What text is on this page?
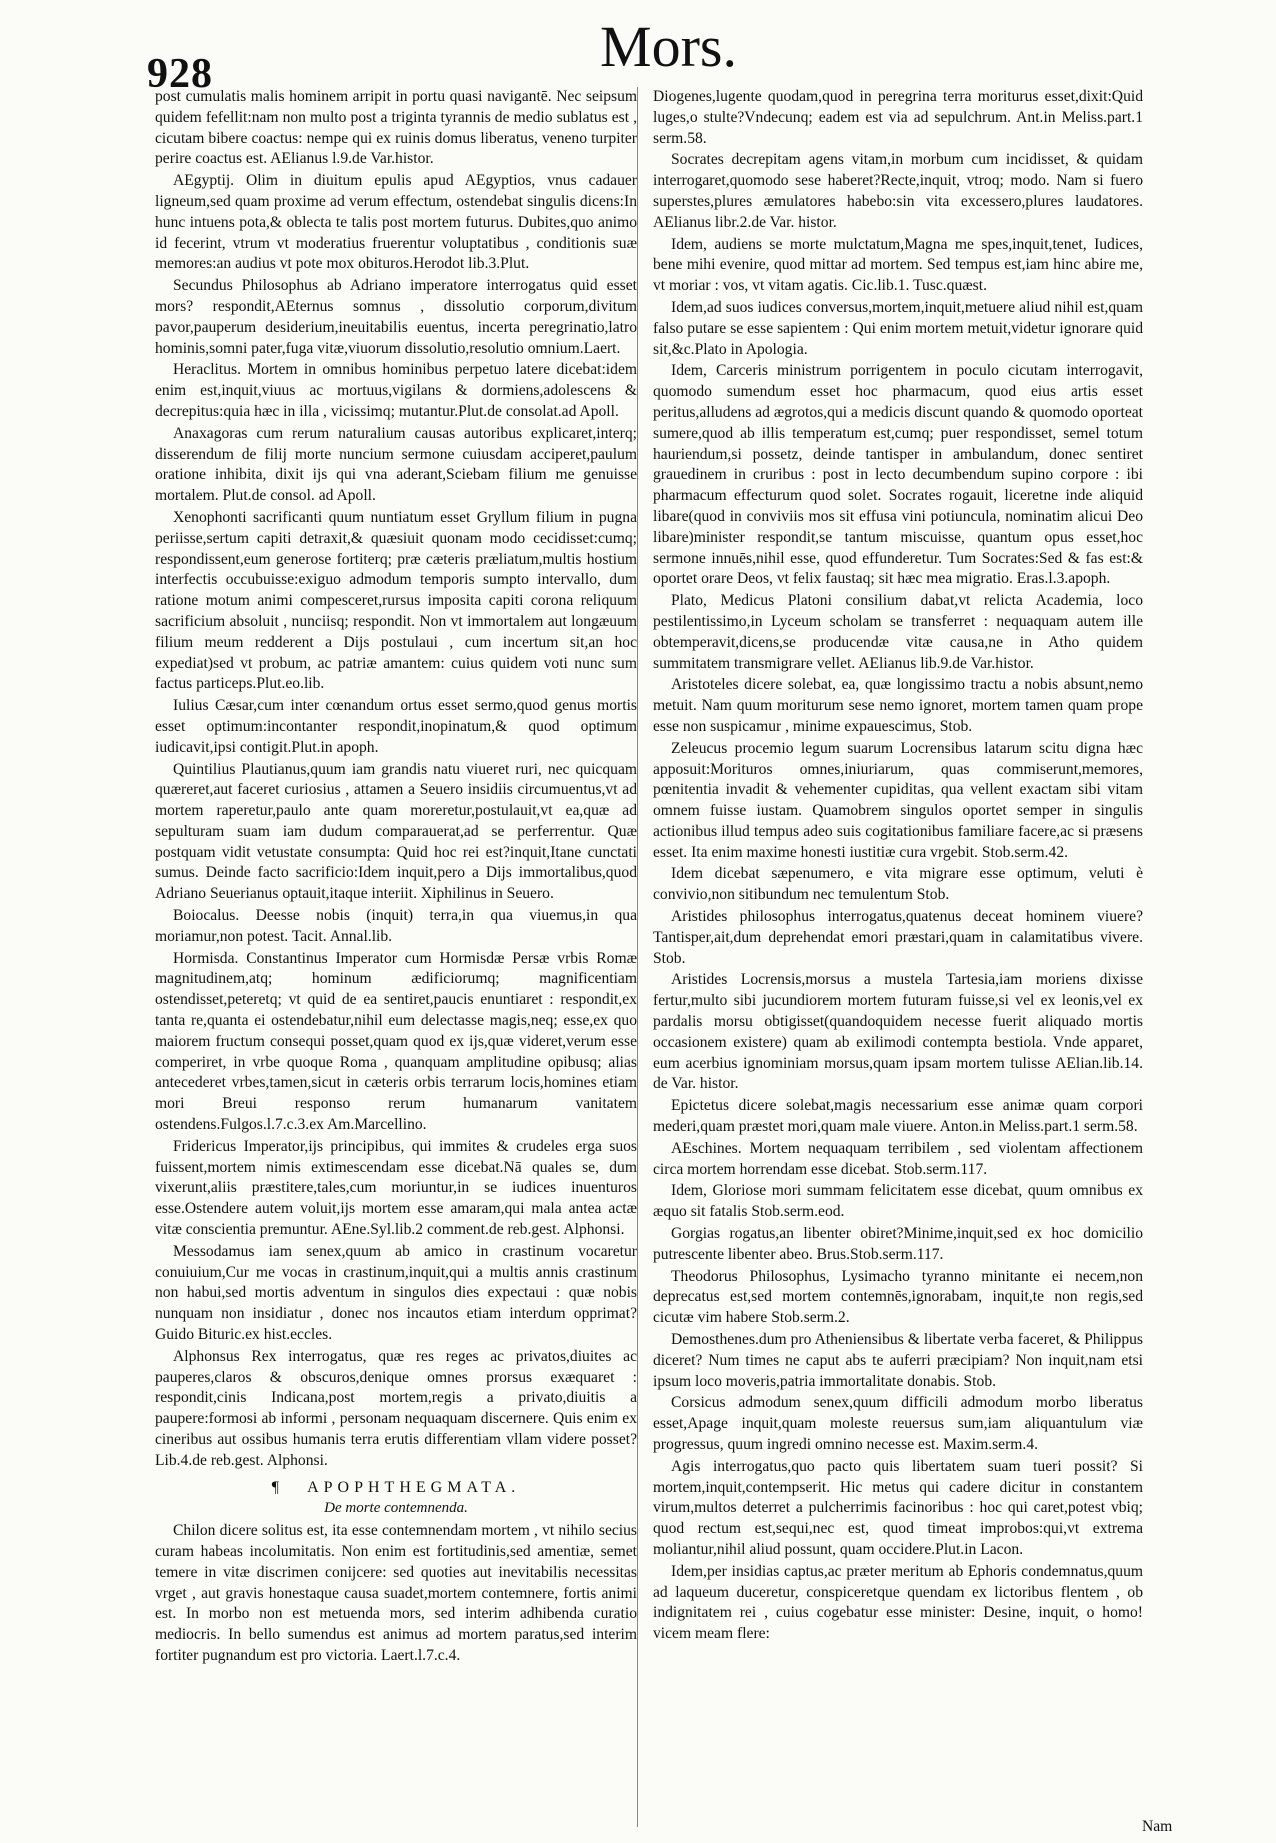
928	Mors.

post cumulatis malis hominem arripit in portu quasi navigantē. Nec seipsum quidem fefellit:nam non multo post a triginta tyrannis de medio sublatus est , cicutam bibere coactus: nempe qui ex ruinis domus liberatus, veneno turpiter perire coactus est. AElianus l.9.de Var.histor.

AEgyptij. Olim in diuitum epulis apud AEgyptios, vnus cadauer ligneum,sed quam proxime ad verum effectum, ostendebat singulis dicens:In hunc intuens pota,& oblecta te talis post mortem futurus. Dubites,quo animo id fecerint, vtrum vt moderatius fruerentur voluptatibus , conditionis suæ memores:an audius vt pote mox obituros.Herodot lib.3.Plut.

Secundus Philosophus ab Adriano imperatore interrogatus quid esset mors? respondit,AEternus somnus , dissolutio corporum,divitum pavor,pauperum desiderium,ineuitabilis euentus, incerta peregrinatio,latro hominis,somni pater,fuga vitæ,viuorum dissolutio,resolutio omnium.Laert.

Heraclitus. Mortem in omnibus hominibus perpetuo latere dicebat:idem enim est,inquit,viuus ac mortuus,vigilans & dormiens,adolescens & decrepitus:quia hæc in illa , vicissimq; mutantur.Plut.de consolat.ad Apoll.

Anaxagoras cum rerum naturalium causas autoribus explicaret,interq; disserendum de filij morte nuncium sermone cuiusdam acciperet,paulum oratione inhibita, dixit ijs qui vna aderant,Sciebam filium me genuisse mortalem. Plut.de consol. ad Apoll.

Xenophonti sacrificanti quum nuntiatum esset Gryllum filium in pugna periisse,sertum capiti detraxit,& quæsiuit quonam modo cecidisset:cumq; respondissent,eum generose fortiterq; præ cæteris præliatum,multis hostium interfectis occubuisse:exiguo admodum temporis sumpto intervallo, dum ratione motum animi compesceret,rursus imposita capiti corona reliquum sacrificium absoluit , nunciisq; respondit. Non vt immortalem aut longæuum filium meum redderent a Dijs postulaui , cum incertum sit,an hoc expediat)sed vt probum, ac patriæ amantem: cuius quidem voti nunc sum factus particeps.Plut.eo.lib.

Iulius Cæsar,cum inter cœnandum ortus esset sermo,quod genus mortis esset optimum:incontanter respondit,inopinatum,& quod optimum iudicavit,ipsi contigit.Plut.in apoph.

Quintilius Plautianus,quum iam grandis natu viueret ruri, nec quicquam quæreret,aut faceret curiosius , attamen a Seuero insidiis circumuentus,vt ad mortem raperetur,paulo ante quam moreretur,postulauit,vt ea,quæ ad sepulturam suam iam dudum comparauerat,ad se perferrentur. Quæ postquam vidit vetustate consumpta: Quid hoc rei est?inquit,Itane cunctati sumus. Deinde facto sacrificio:Idem inquit,pero a Dijs immortalibus,quod Adriano Seuerianus optauit,itaque interiit. Xiphilinus in Seuero.

Boiocalus. Deesse nobis (inquit) terra,in qua viuemus,in qua moriamur,non potest. Tacit. Annal.lib.

Hormisda. Constantinus Imperator cum Hormisdæ Persæ vrbis Romæ magnitudinem,atq; hominum ædificiorumq; magnificentiam ostendisset,peteretq; vt quid de ea sentiret,paucis enuntiaret : respondit,ex tanta re,quanta ei ostendebatur,nihil eum delectasse magis,neq; esse,ex quo maiorem fructum consequi posset,quam quod ex ijs,quæ videret,verum esse comperiret, in vrbe quoque Roma , quanquam amplitudine opibusq; alias antecederet vrbes,tamen,sicut in cæteris orbis terrarum locis,homines etiam mori Breui responso rerum humanarum vanitatem ostendens.Fulgos.l.7.c.3.ex Am.Marcellino.

Fridericus Imperator,ijs principibus, qui immites & crudeles erga suos fuissent,mortem nimis extimescendam esse dicebat.Nā quales se, dum vixerunt,aliis præstitere,tales,cum moriuntur,in se iudices inuenturos esse.Ostendere autem voluit,ijs mortem esse amaram,qui mala antea actæ vitæ conscientia premuntur. AEne.Syl.lib.2 comment.de reb.gest. Alphonsi.

Messodamus iam senex,quum ab amico in crastinum vocaretur conuiuium,Cur me vocas in crastinum,inquit,qui a multis annis crastinum non habui,sed mortis adventum in singulos dies expectaui : quæ nobis nunquam non insidiatur , donec nos incautos etiam interdum opprimat? Guido Bituric.ex hist.eccles.

Alphonsus Rex interrogatus, quæ res reges ac privatos,diuites ac pauperes,claros & obscuros,denique omnes prorsus exæquaret : respondit,cinis Indicana,post mortem,regis a privato,diuitis a paupere:formosi ab informi , personam nequaquam discernere. Quis enim ex cineribus aut ossibus humanis terra erutis differentiam vllam videre posset? Lib.4.de reb.gest. Alphonsi.

¶ APOPHTHEGMATA.

De morte contemnenda.

Chilon dicere solitus est, ita esse contemnendam mortem , vt nihilo secius curam habeas incolumitatis. Non enim est fortitudinis,sed amentiæ, semet temere in vitæ discrimen conijcere: sed quoties aut inevitabilis necessitas vrget , aut gravis honestaque causa suadet,mortem contemnere, fortis animi est. In morbo non est metuenda mors, sed interim adhibenda curatio mediocris. In bello sumendus est animus ad mortem paratus,sed interim fortiter pugnandum est pro victoria. Laert.l.7.c.4.

Diogenes,lugente quodam,quod in peregrina terra moriturus esset,dixit:Quid luges,o stulte?Vndecunq; eadem est via ad sepulchrum. Ant.in Meliss.part.1 serm.58.

Socrates decrepitam agens vitam,in morbum cum incidisset, & quidam interrogaret,quomodo sese haberet?Recte,inquit, vtroq; modo. Nam si fuero superstes,plures æmulatores habebo:sin vita excessero,plures laudatores. AElianus libr.2.de Var. histor.

Idem, audiens se morte mulctatum,Magna me spes,inquit,tenet, Iudices, bene mihi evenire, quod mittar ad mortem. Sed tempus est,iam hinc abire me, vt moriar : vos, vt vitam agatis. Cic.lib.1. Tusc.quæst.

Idem,ad suos iudices conversus,mortem,inquit,metuere aliud nihil est,quam falso putare se esse sapientem : Qui enim mortem metuit,videtur ignorare quid sit,&c.Plato in Apologia.

Idem, Carceris ministrum porrigentem in poculo cicutam interrogavit, quomodo sumendum esset hoc pharmacum, quod eius artis esset peritus,alludens ad ægrotos,qui a medicis discunt quando & quomodo oporteat sumere,quod ab illis temperatum est,cumq; puer respondisset, semel totum hauriendum,si possetz, deinde tantisper in ambulandum, donec sentiret grauedinem in cruribus : post in lecto decumbendum supino corpore : ibi pharmacum effecturum quod solet. Socrates rogauit, liceretne inde aliquid libare(quod in conviviis mos sit effusa vini potiuncula, nominatim alicui Deo libare)minister respondit,se tantum miscuisse, quantum opus esset,hoc sermone innuēs,nihil esse, quod effunderetur. Tum Socrates:Sed & fas est:& oportet orare Deos, vt felix faustaq; sit hæc mea migratio. Eras.l.3.apoph.

Plato, Medicus Platoni consilium dabat,vt relicta Academia, loco pestilentissimo,in Lyceum scholam se transferret : nequaquam autem ille obtemperavit,dicens,se producendæ vitæ causa,ne in Atho quidem summitatem transmigrare vellet. AElianus lib.9.de Var.histor.

Aristoteles dicere solebat, ea, quæ longissimo tractu a nobis absunt,nemo metuit. Nam quum moriturum sese nemo ignoret, mortem tamen quam prope esse non suspicamur , minime expauescimus, Stob.

Zeleucus procemio legum suarum Locrensibus latarum scitu digna hæc apposuit:Morituros omnes,iniuriarum, quas commiserunt,memores, pœnitentia invadit & vehementer cupiditas, qua vellent exactam sibi vitam omnem fuisse iustam. Quamobrem singulos oportet semper in singulis actionibus illud tempus adeo suis cogitationibus familiare facere,ac si præsens esset. Ita enim maxime honesti iustitiæ cura vrgebit. Stob.serm.42.

Idem dicebat sæpenumero, e vita migrare esse optimum, veluti è convivio,non sitibundum nec temulentum Stob.

Aristides philosophus interrogatus,quatenus deceat hominem viuere? Tantisper,ait,dum deprehendat emori præstari,quam in calamitatibus vivere. Stob.

Aristides Locrensis,morsus a mustela Tartesia,iam moriens dixisse fertur,multo sibi jucundiorem mortem futuram fuisse,si vel ex leonis,vel ex pardalis morsu obtigisset(quandoquidem necesse fuerit aliquado mortis occasionem existere) quam ab exilimodi contempta bestiola. Vnde apparet, eum acerbius ignominiam morsus,quam ipsam mortem tulisse AElian.lib.14. de Var. histor.

Epictetus dicere solebat,magis necessarium esse animæ quam corpori mederi,quam præstet mori,quam male viuere. Anton.in Meliss.part.1 serm.58.

AEschines. Mortem nequaquam terribilem , sed violentam affectionem circa mortem horrendam esse dicebat. Stob.serm.117.

Idem, Gloriose mori summam felicitatem esse dicebat, quum omnibus ex æquo sit fatalis Stob.serm.eod.

Gorgias rogatus,an libenter obiret?Minime,inquit,sed ex hoc domicilio putrescente libenter abeo. Brus.Stob.serm.117.

Theodorus Philosophus, Lysimacho tyranno minitante ei necem,non deprecatus est,sed mortem contemnēs,ignorabam, inquit,te non regis,sed cicutæ vim habere Stob.serm.2.

Demosthenes.dum pro Atheniensibus & libertate verba faceret, & Philippus diceret? Num times ne caput abs te auferri præcipiam? Non inquit,nam etsi ipsum loco moveris,patria immortalitate donabis. Stob.

Corsicus admodum senex,quum difficili admodum morbo liberatus esset,Apage inquit,quam moleste reuersus sum,iam aliquantulum viæ progressus, quum ingredi omnino necesse est. Maxim.serm.4.

Agis interrogatus,quo pacto quis libertatem suam tueri possit? Si mortem,inquit,contempserit. Hic metus qui cadere dicitur in constantem virum,multos deterret a pulcherrimis facinoribus : hoc qui caret,potest vbiq; quod rectum est,sequi,nec est, quod timeat improbos:qui,vt extrema moliantur,nihil aliud possunt, quam occidere.Plut.in Lacon.

Idem,per insidias captus,ac præter meritum ab Ephoris condemnatus,quum ad laqueum duceretur, conspiceretque quendam ex lictoribus flentem , ob indignitatem rei , cuius cogebatur esse minister: Desine, inquit, o homo! vicem meam flere:

Nam
